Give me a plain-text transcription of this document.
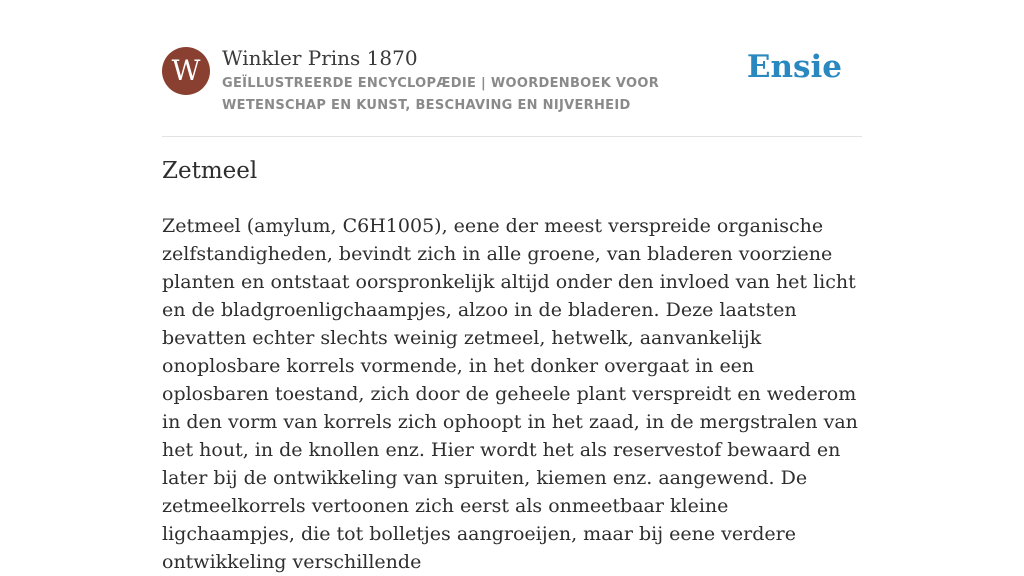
W	Winkler Prins 1870
GEÏLLUSTREERDE ENCYCLOPÆDIE | WOORDENBOEK VOOR WETENSCHAP EN KUNST, BESCHAVING EN NIJVERHEID
Ensie
Zetmeel

Zetmeel (amylum, C6H1005), eene der meest verspreide organische zelfstandigheden, bevindt zich in alle groene, van bladeren voorziene planten en ontstaat oorspronkelijk altijd onder den invloed van het licht en de bladgroenligchaampjes, alzoo in de bladeren. Deze laatsten bevatten echter slechts weinig zetmeel, hetwelk, aanvankelijk onoplosbare korrels vormende, in het donker overgaat in een oplosbaren toestand, zich door de geheele plant verspreidt en wederom in den vorm van korrels zich ophoopt in het zaad, in de mergstralen van het hout, in de knollen enz. Hier wordt het als reservestof bewaard en later bij de ontwikkeling van spruiten, kiemen enz. aangewend. De zetmeelkorrels vertoonen zich eerst als onmeetbaar kleine ligchaampjes, die tot bolletjes aangroeijen, maar bij eene verdere ontwikkeling verschillende
